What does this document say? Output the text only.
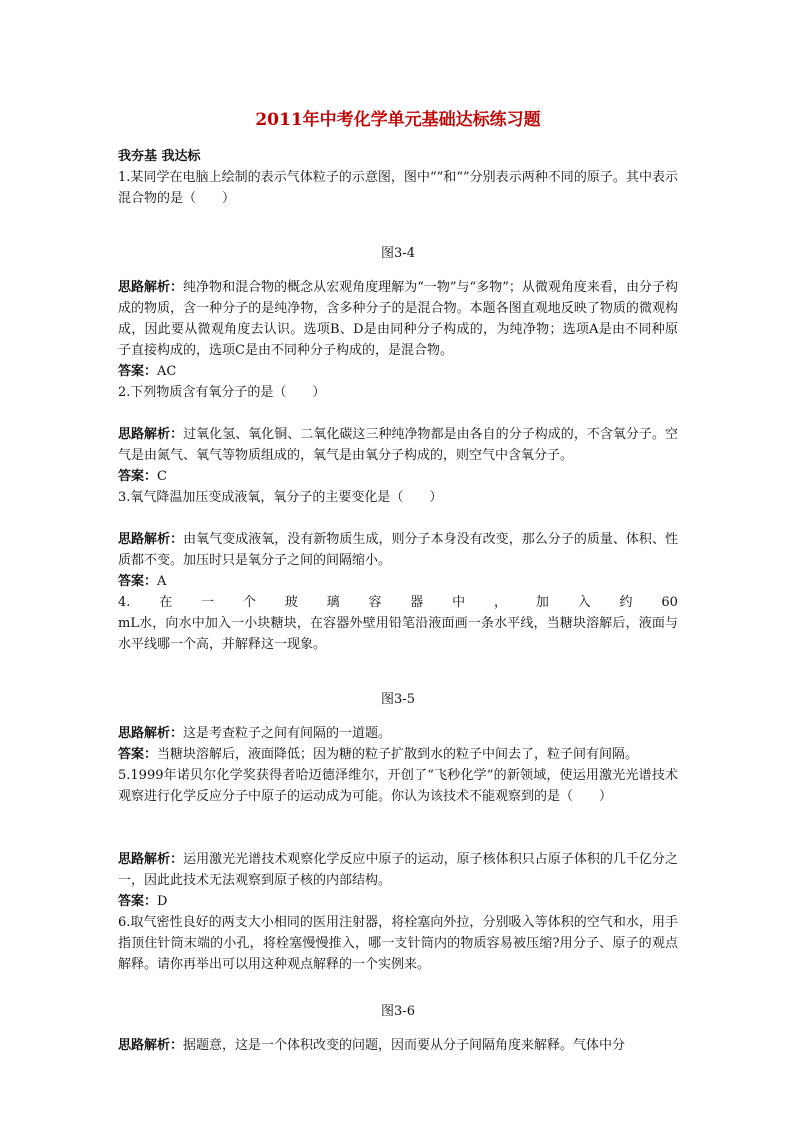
2011年中考化学单元基础达标练习题

我夯基 我达标

1.某同学在电脑上绘制的表示气体粒子的示意图，图中“”和“”分别表示两种不同的原子。其中表示混合物的是（　　）

图3-4

思路解析：纯净物和混合物的概念从宏观角度理解为“一物”与“多物”；从微观角度来看，由分子构成的物质，含一种分子的是纯净物，含多种分子的是混合物。本题各图直观地反映了物质的微观构成，因此要从微观角度去认识。选项B、D是由同种分子构成的，为纯净物；选项A是由不同种原子直接构成的，选项C是由不同种分子构成的，是混合物。

答案：AC

2.下列物质含有氧分子的是（　　）

思路解析：过氧化氢、氧化铜、二氧化碳这三种纯净物都是由各自的分子构成的，不含氧分子。空气是由氮气、氧气等物质组成的，氧气是由氧分子构成的，则空气中含氧分子。

答案：C

3.氧气降温加压变成液氧，氧分子的主要变化是（　　）

思路解析：由氧气变成液氧，没有新物质生成，则分子本身没有改变，那么分子的质量、体积、性质都不变。加压时只是氧分子之间的间隔缩小。

答案：A

4. 在 一 个 玻 璃 容 器 中 ， 加 入 约 60

mL水，向水中加入一小块糖块，在容器外壁用铅笔沿液面画一条水平线，当糖块溶解后，液面与水平线哪一个高，并解释这一现象。

图3-5

思路解析：这是考查粒子之间有间隔的一道题。

答案：当糖块溶解后，液面降低；因为糖的粒子扩散到水的粒子中间去了，粒子间有间隔。

5.1999年诺贝尔化学奖获得者哈迈德泽维尔，开创了“飞秒化学”的新领域，使运用激光光谱技术观察进行化学反应分子中原子的运动成为可能。你认为该技术不能观察到的是（　　）

思路解析：运用激光光谱技术观察化学反应中原子的运动，原子核体积只占原子体积的几千亿分之一，因此此技术无法观察到原子核的内部结构。

答案：D

6.取气密性良好的两支大小相同的医用注射器，将栓塞向外拉，分别吸入等体积的空气和水，用手指顶住针筒末端的小孔，将栓塞慢慢推入，哪一支针筒内的物质容易被压缩?用分子、原子的观点解释。请你再举出可以用这种观点解释的一个实例来。

图3-6

思路解析：据题意，这是一个体积改变的问题，因而要从分子间隔角度来解释。气体中分
